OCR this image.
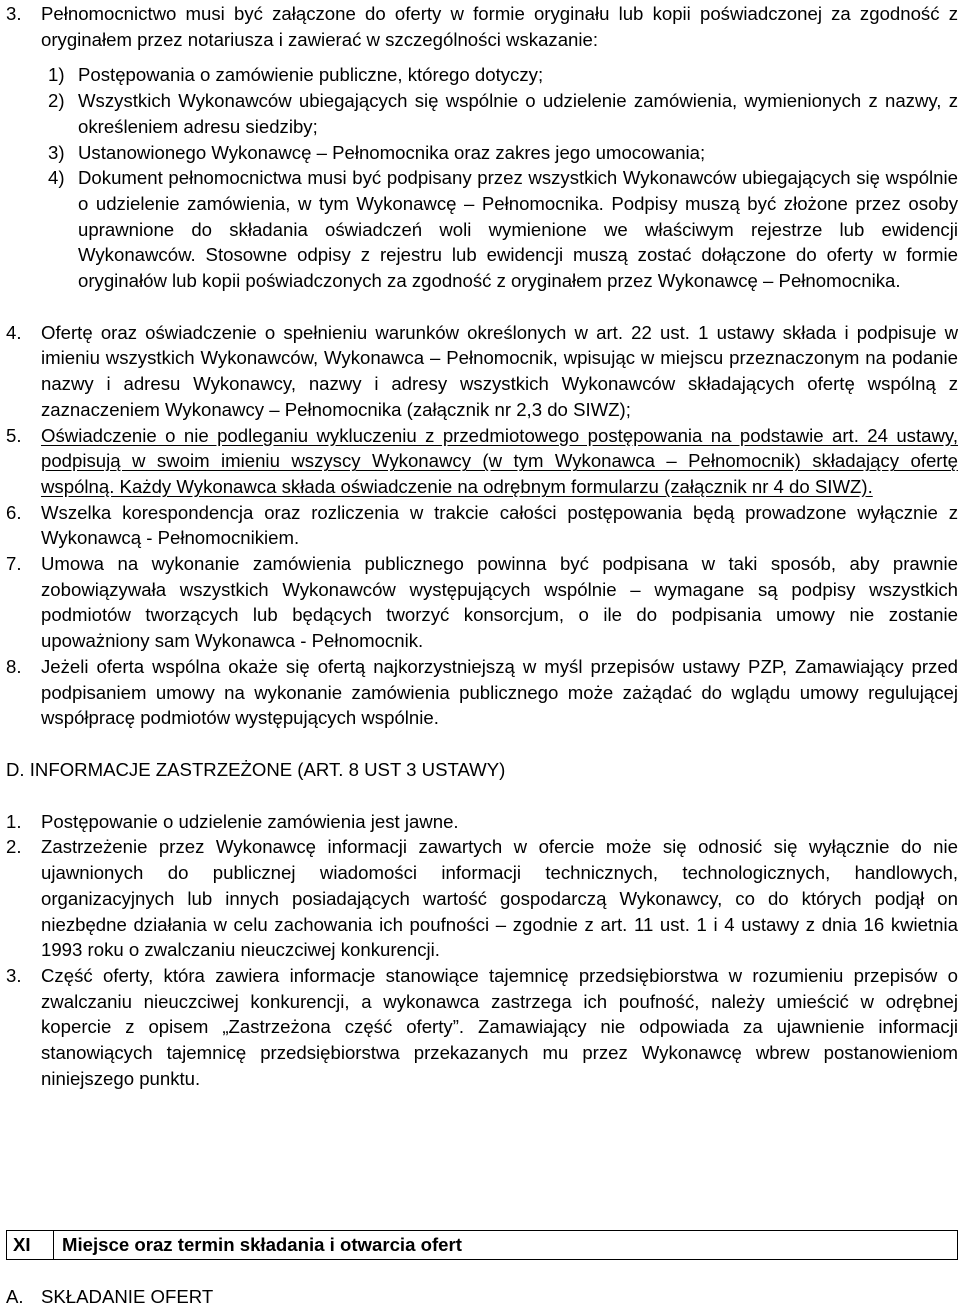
3.	Pełnomocnictwo musi być załączone do oferty w formie oryginału lub kopii poświadczonej za zgodność z oryginałem przez notariusza i zawierać w szczególności wskazanie:
1) Postępowania o zamówienie publiczne, którego dotyczy;
2) Wszystkich Wykonawców ubiegających się wspólnie o udzielenie zamówienia, wymienionych z nazwy, z określeniem adresu siedziby;
3) Ustanowionego Wykonawcę – Pełnomocnika oraz zakres jego umocowania;
4) Dokument pełnomocnictwa musi być podpisany przez wszystkich Wykonawców ubiegających się wspólnie o udzielenie zamówienia, w tym Wykonawcę – Pełnomocnika. Podpisy muszą być złożone przez osoby uprawnione do składania oświadczeń woli wymienione we właściwym rejestrze lub ewidencji Wykonawców. Stosowne odpisy z rejestru lub ewidencji muszą zostać dołączone do oferty w formie oryginałów lub kopii poświadczonych za zgodność z oryginałem przez Wykonawcę – Pełnomocnika.
4.	Ofertę oraz oświadczenie o spełnieniu warunków określonych w art. 22 ust. 1 ustawy składa i podpisuje w imieniu wszystkich Wykonawców, Wykonawca – Pełnomocnik, wpisując w miejscu przeznaczonym na podanie nazwy i adresu Wykonawcy, nazwy i adresy wszystkich Wykonawców składających ofertę wspólną z zaznaczeniem Wykonawcy – Pełnomocnika (załącznik nr 2,3 do SIWZ);
5.	Oświadczenie o nie podleganiu wykluczeniu z przedmiotowego postępowania na podstawie art. 24 ustawy, podpisują w swoim imieniu wszyscy Wykonawcy (w tym Wykonawca – Pełnomocnik) składający ofertę wspólną. Każdy Wykonawca składa oświadczenie na odrębnym formularzu (załącznik nr 4 do SIWZ).
6.	Wszelka korespondencja oraz rozliczenia w trakcie całości postępowania będą prowadzone wyłącznie z Wykonawcą - Pełnomocnikiem.
7.	Umowa na wykonanie zamówienia publicznego powinna być podpisana w taki sposób, aby prawnie zobowiązywała wszystkich Wykonawców występujących wspólnie – wymagane są podpisy wszystkich podmiotów tworzących lub będących tworzyć konsorcjum, o ile do podpisania umowy nie zostanie upoważniony sam Wykonawca - Pełnomocnik.
8.	Jeżeli oferta wspólna okaże się ofertą najkorzystniejszą w myśl przepisów ustawy PZP, Zamawiający przed podpisaniem umowy na wykonanie zamówienia publicznego może zażądać do wglądu umowy regulującej współpracę podmiotów występujących wspólnie.
D. INFORMACJE ZASTRZEŻONE (ART. 8 UST 3 USTAWY)
1.	Postępowanie o udzielenie zamówienia jest jawne.
2.	Zastrzeżenie przez Wykonawcę informacji zawartych w ofercie może się odnosić się wyłącznie do nie ujawnionych do publicznej wiadomości informacji technicznych, technologicznych, handlowych, organizacyjnych lub innych posiadających wartość gospodarczą Wykonawcy, co do których podjął on niezbędne działania w celu zachowania ich poufności – zgodnie z art. 11 ust. 1 i 4 ustawy z dnia 16 kwietnia 1993 roku o zwalczaniu nieuczciwej konkurencji.
3.	Część oferty, która zawiera informacje stanowiące tajemnicę przedsiębiorstwa w rozumieniu przepisów o zwalczaniu nieuczciwej konkurencji, a wykonawca zastrzega ich poufność, należy umieścić w odrębnej kopercie z opisem „Zastrzeżona część oferty”. Zamawiający nie odpowiada za ujawnienie informacji stanowiących tajemnicę przedsiębiorstwa przekazanych mu przez Wykonawcę wbrew postanowieniom niniejszego punktu.
XI	Miejsce oraz termin składania i otwarcia ofert
A. SKŁADANIE OFERT
